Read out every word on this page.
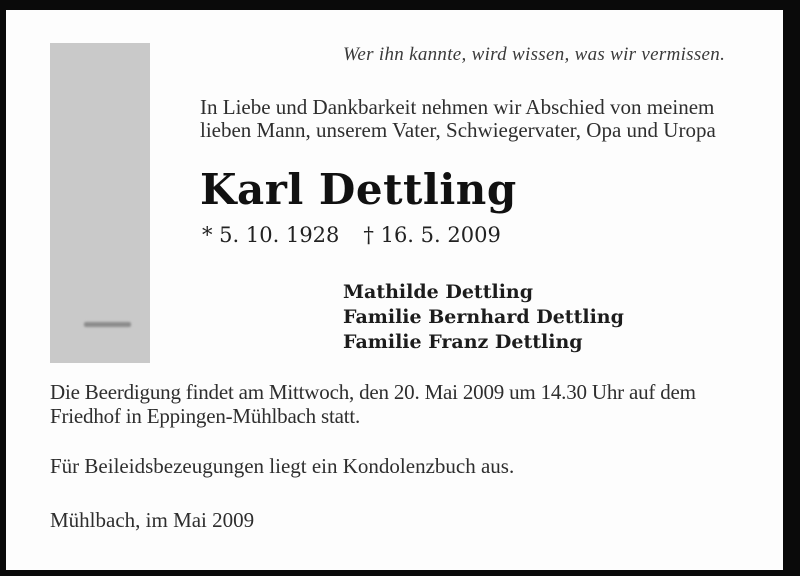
Wer ihn kannte, wird wissen, was wir vermissen.
In Liebe und Dankbarkeit nehmen wir Abschied von meinem
lieben Mann, unserem Vater, Schwiegervater, Opa und Uropa
Karl Dettling
* 5. 10. 1928 † 16. 5. 2009
Mathilde Dettling
Familie Bernhard Dettling
Familie Franz Dettling
Die Beerdigung findet am Mittwoch, den 20. Mai 2009 um 14.30 Uhr auf dem
Friedhof in Eppingen-Mühlbach statt.
Für Beileidsbezeugungen liegt ein Kondolenzbuch aus.
Mühlbach, im Mai 2009
